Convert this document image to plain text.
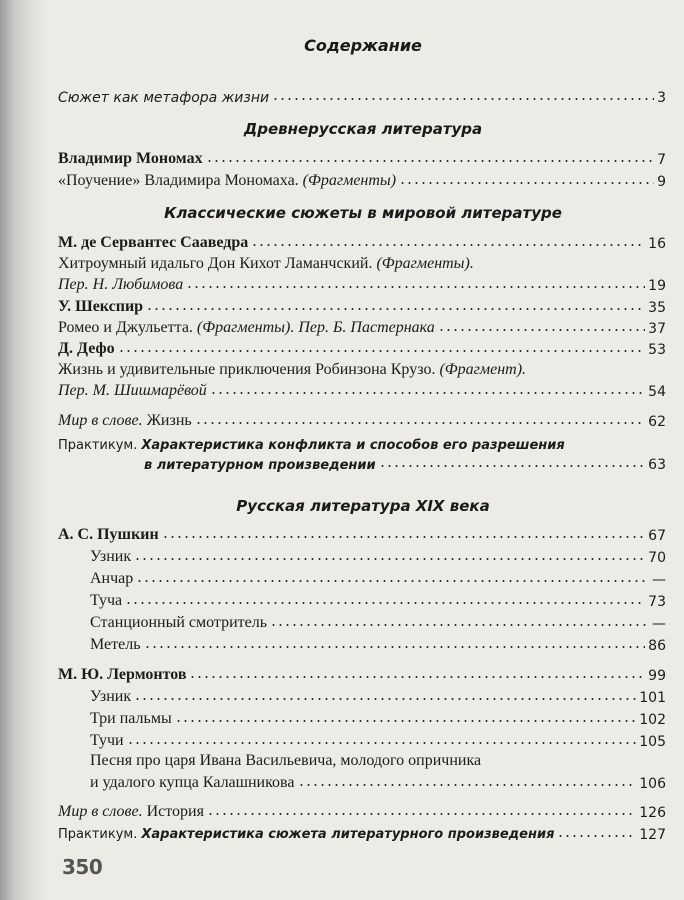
Содержание
Сюжет как метафора жизни	3
Древнерусская литература
Владимир Мономах	7
«Поучение» Владимира Мономаха. (Фрагменты)	9
Классические сюжеты в мировой литературе
М. де Сервантес Сааведра	16
Хитроумный идальго Дон Кихот Ламанчский. (Фрагменты).
Пер. Н. Любимова	19
У. Шекспир	35
Ромео и Джульетта. (Фрагменты). Пер. Б. Пастернака	37
Д. Дефо	53
Жизнь и удивительные приключения Робинзона Крузо. (Фрагмент).
Пер. М. Шишмарёвой	54
Мир в слове. Жизнь	62
Практикум. Характеристика конфликта и способов его разрешения
в литературном произведении	63
Русская литература XIX века
А. С. Пушкин	67
Узник	70
Анчар	—
Туча	73
Станционный смотритель	—
Метель	86
М. Ю. Лермонтов	99
Узник	101
Три пальмы	102
Тучи	105
Песня про царя Ивана Васильевича, молодого опричника
и удалого купца Калашникова	106
Мир в слове. История	126
Практикум. Характеристика сюжета литературного произведения	127
350
